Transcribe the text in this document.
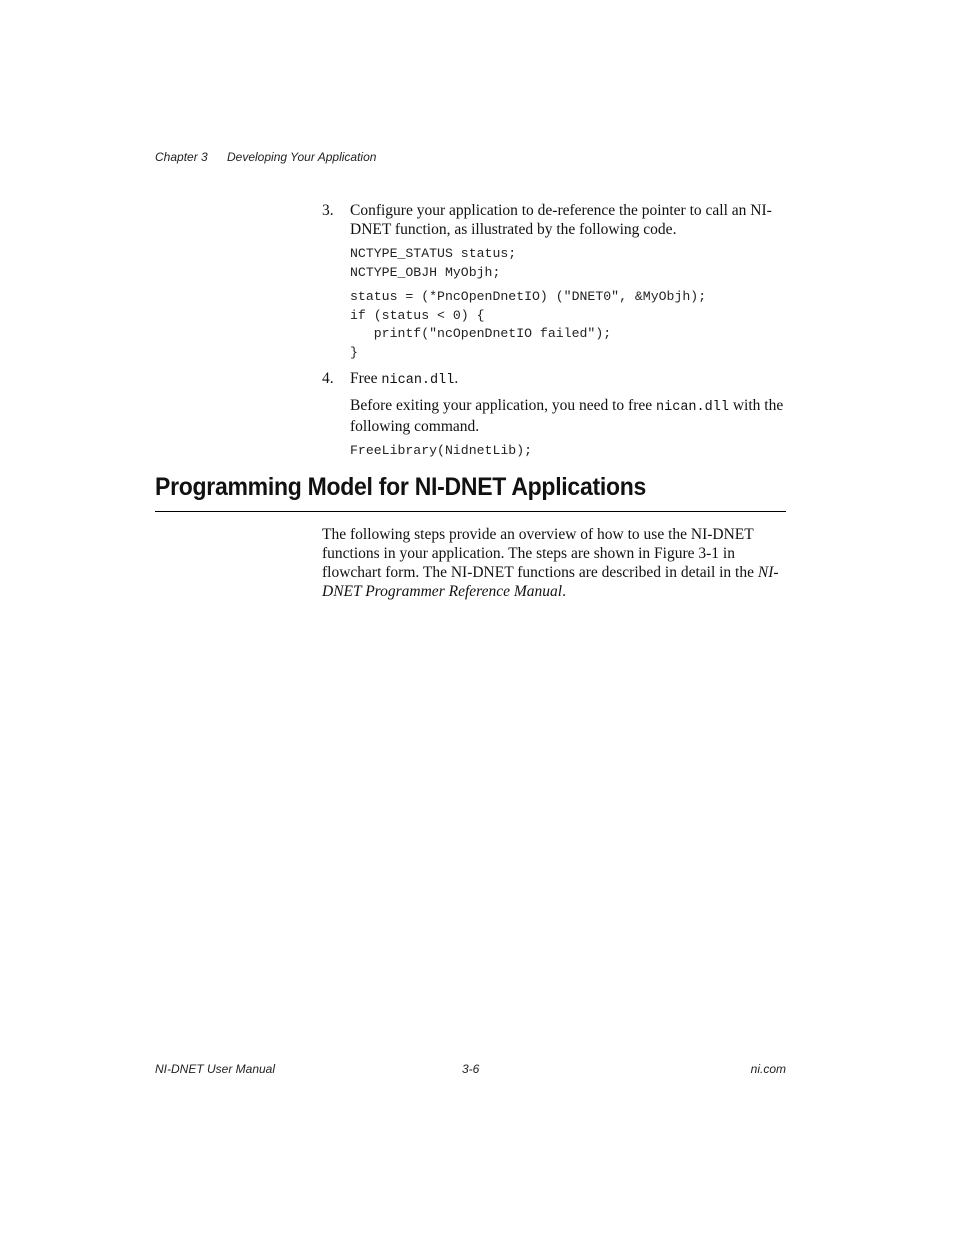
Chapter 3 Developing Your Application
3. Configure your application to de-reference the pointer to call an NI-DNET function, as illustrated by the following code.

NCTYPE_STATUS status;
NCTYPE_OBJH MyObjh;
status = (*PncOpenDnetIO) ("DNET0", &MyObjh);
if (status < 0) {
printf("ncOpenDnetIO failed");
}
4. Free nican.dll.

Before exiting your application, you need to free nican.dll with the following command.

FreeLibrary(NidnetLib);
Programming Model for NI-DNET Applications

The following steps provide an overview of how to use the NI-DNET functions in your application. The steps are shown in Figure 3-1 in flowchart form. The NI-DNET functions are described in detail in the NI-DNET Programmer Reference Manual.

NI-DNET User Manual	3-6	ni.com
